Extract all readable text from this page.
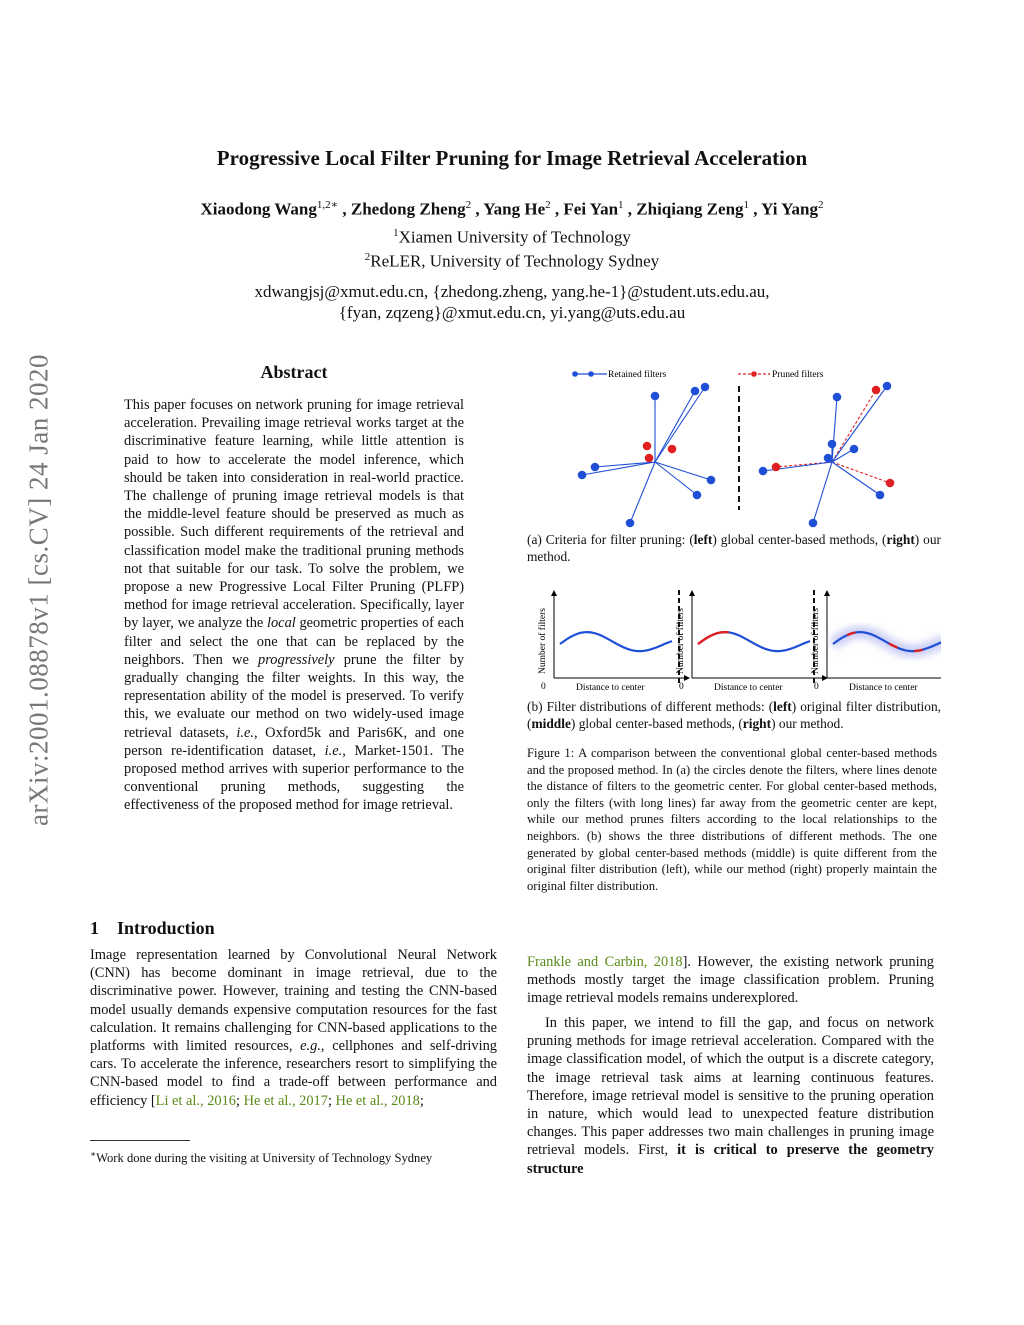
Progressive Local Filter Pruning for Image Retrieval Acceleration
Xiaodong Wang$^{1,2∗}$ , Zhedong Zheng$^2$ , Yang He$^2$ , Fei Yan$^1$ , Zhiqiang Zeng$^1$ , Yi Yang$^2$
$^1$Xiamen University of Technology
$^2$ReLER, University of Technology Sydney
xdwangjsj@xmut.edu.cn, {zhedong.zheng, yang.he-1}@student.uts.edu.au,
{fyan, zqzeng}@xmut.edu.cn, yi.yang@uts.edu.au
arXiv:2001.08878v1 [cs.CV] 24 Jan 2020	Abstract
This paper focuses on network pruning for image retrieval acceleration. Prevailing image retrieval works target at the discriminative feature learning, while little attention is paid to how to accelerate the model inference, which should be taken into consideration in real-world practice. The challenge of pruning image retrieval models is that the middle-level feature should be preserved as much as possible. Such different requirements of the retrieval and classification model make the traditional pruning methods not that suitable for our task. To solve the problem, we propose a new Progressive Local Filter Pruning (PLFP) method for image retrieval acceleration. Specifically, layer by layer, we analyze the local geometric properties of each filter and select the one that can be replaced by the neighbors. Then we progressively prune the filter by gradually changing the filter weights. In this way, the representation ability of the model is preserved. To verify this, we evaluate our method on two widely-used image retrieval datasets, i.e., Oxford5k and Paris6K, and one person re-identification dataset, i.e., Market-1501. The proposed method arrives with superior performance to the conventional pruning methods, suggesting the effectiveness of the proposed method for image retrieval.
1 Introduction
Image representation learned by Convolutional Neural Network (CNN) has become dominant in image retrieval, due to the discriminative power. However, training and testing the CNN-based model usually demands expensive computation resources for the fast calculation. It remains challenging for CNN-based applications to the platforms with limited resources, e.g., cellphones and self-driving cars. To accelerate the inference, researchers resort to simplifying the CNN-based model to find a trade-off between performance and efficiency [Li et al., 2016; He et al., 2017; He et al., 2018;
∗Work done during the visiting at University of Technology Sydney
Retained filters	Pruned filters
(a) Criteria for filter pruning: (left) global center-based methods, (right) our method.
Number of filters
0	Distance to center
Number of filters
0	Distance to center
Number of filters
0	Distance to center
(b) Filter distributions of different methods: (left) original filter distribution, (middle) global center-based methods, (right) our method.
Figure 1: A comparison between the conventional global center-based methods and the proposed method. In (a) the circles denote the filters, where lines denote the distance of filters to the geometric center. For global center-based methods, only the filters (with long lines) far away from the geometric center are kept, while our method prunes filters according to the local relationships to the neighbors. (b) shows the three distributions of different methods. The one generated by global center-based methods (middle) is quite different from the original filter distribution (left), while our method (right) properly maintain the original filter distribution.
Frankle and Carbin, 2018]. However, the existing network pruning methods mostly target the image classification problem. Pruning image retrieval models remains underexplored.
In this paper, we intend to fill the gap, and focus on network pruning methods for image retrieval acceleration. Compared with the image classification model, of which the output is a discrete category, the image retrieval task aims at learning continuous features. Therefore, image retrieval model is sensitive to the pruning operation in nature, which would lead to unexpected feature distribution changes. This paper addresses two main challenges in pruning image retrieval models. First, it is critical to preserve the geometry structure
